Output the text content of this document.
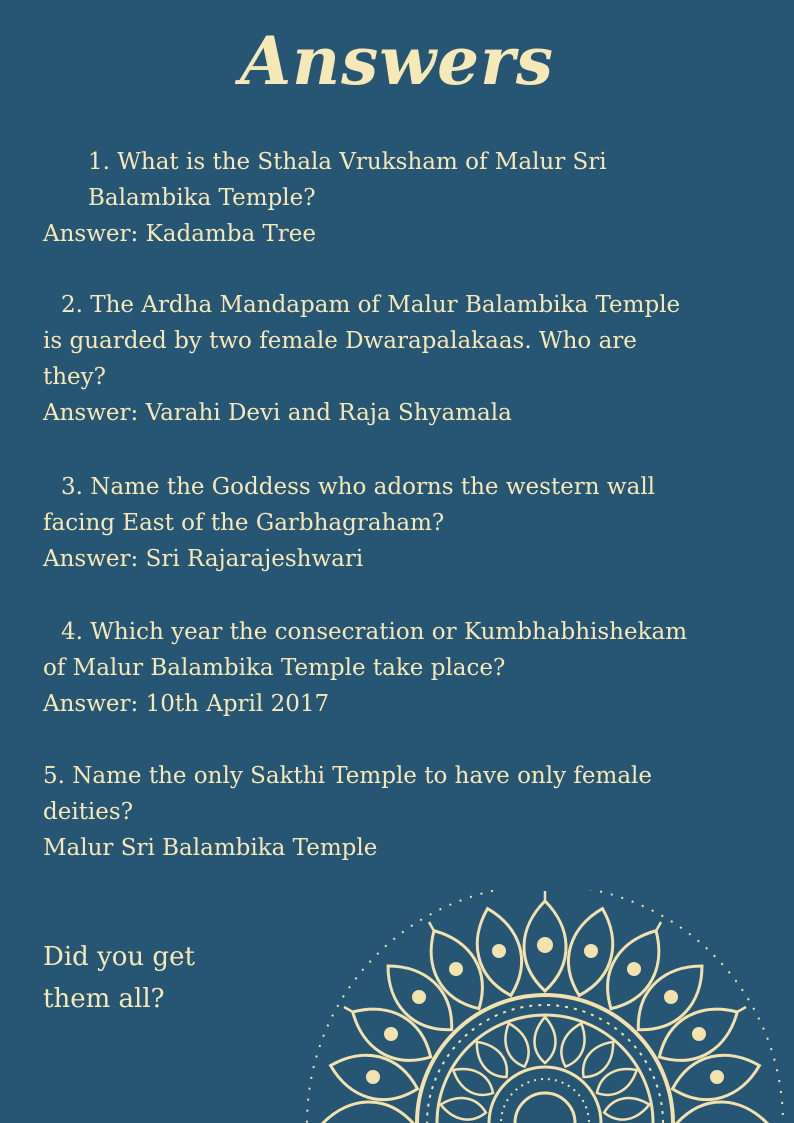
Answers
1. What is the Sthala Vruksham of Malur Sri
Balambika Temple?
Answer: Kadamba Tree
2. The Ardha Mandapam of Malur Balambika Temple
is guarded by two female Dwarapalakaas. Who are
they?
Answer: Varahi Devi and Raja Shyamala
3. Name the Goddess who adorns the western wall
facing East of the Garbhagraham?
Answer: Sri Rajarajeshwari
4. Which year the consecration or Kumbhabhishekam
of Malur Balambika Temple take place?
Answer: 10th April 2017
5. Name the only Sakthi Temple to have only female
deities?
Malur Sri Balambika Temple
Did you get
them all?
